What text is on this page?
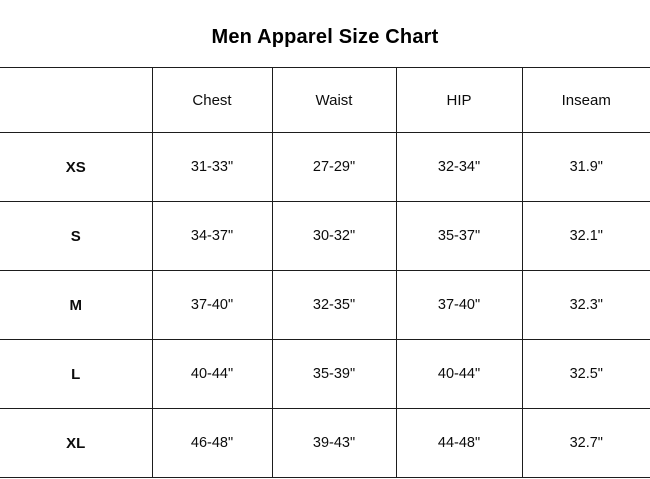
Men Apparel Size Chart
	Chest	Waist	HIP	Inseam
XS	31-33"	27-29"	32-34"	31.9"
S	34-37"	30-32"	35-37"	32.1"
M	37-40"	32-35"	37-40"	32.3"
L	40-44"	35-39"	40-44"	32.5"
XL	46-48"	39-43"	44-48"	32.7"
